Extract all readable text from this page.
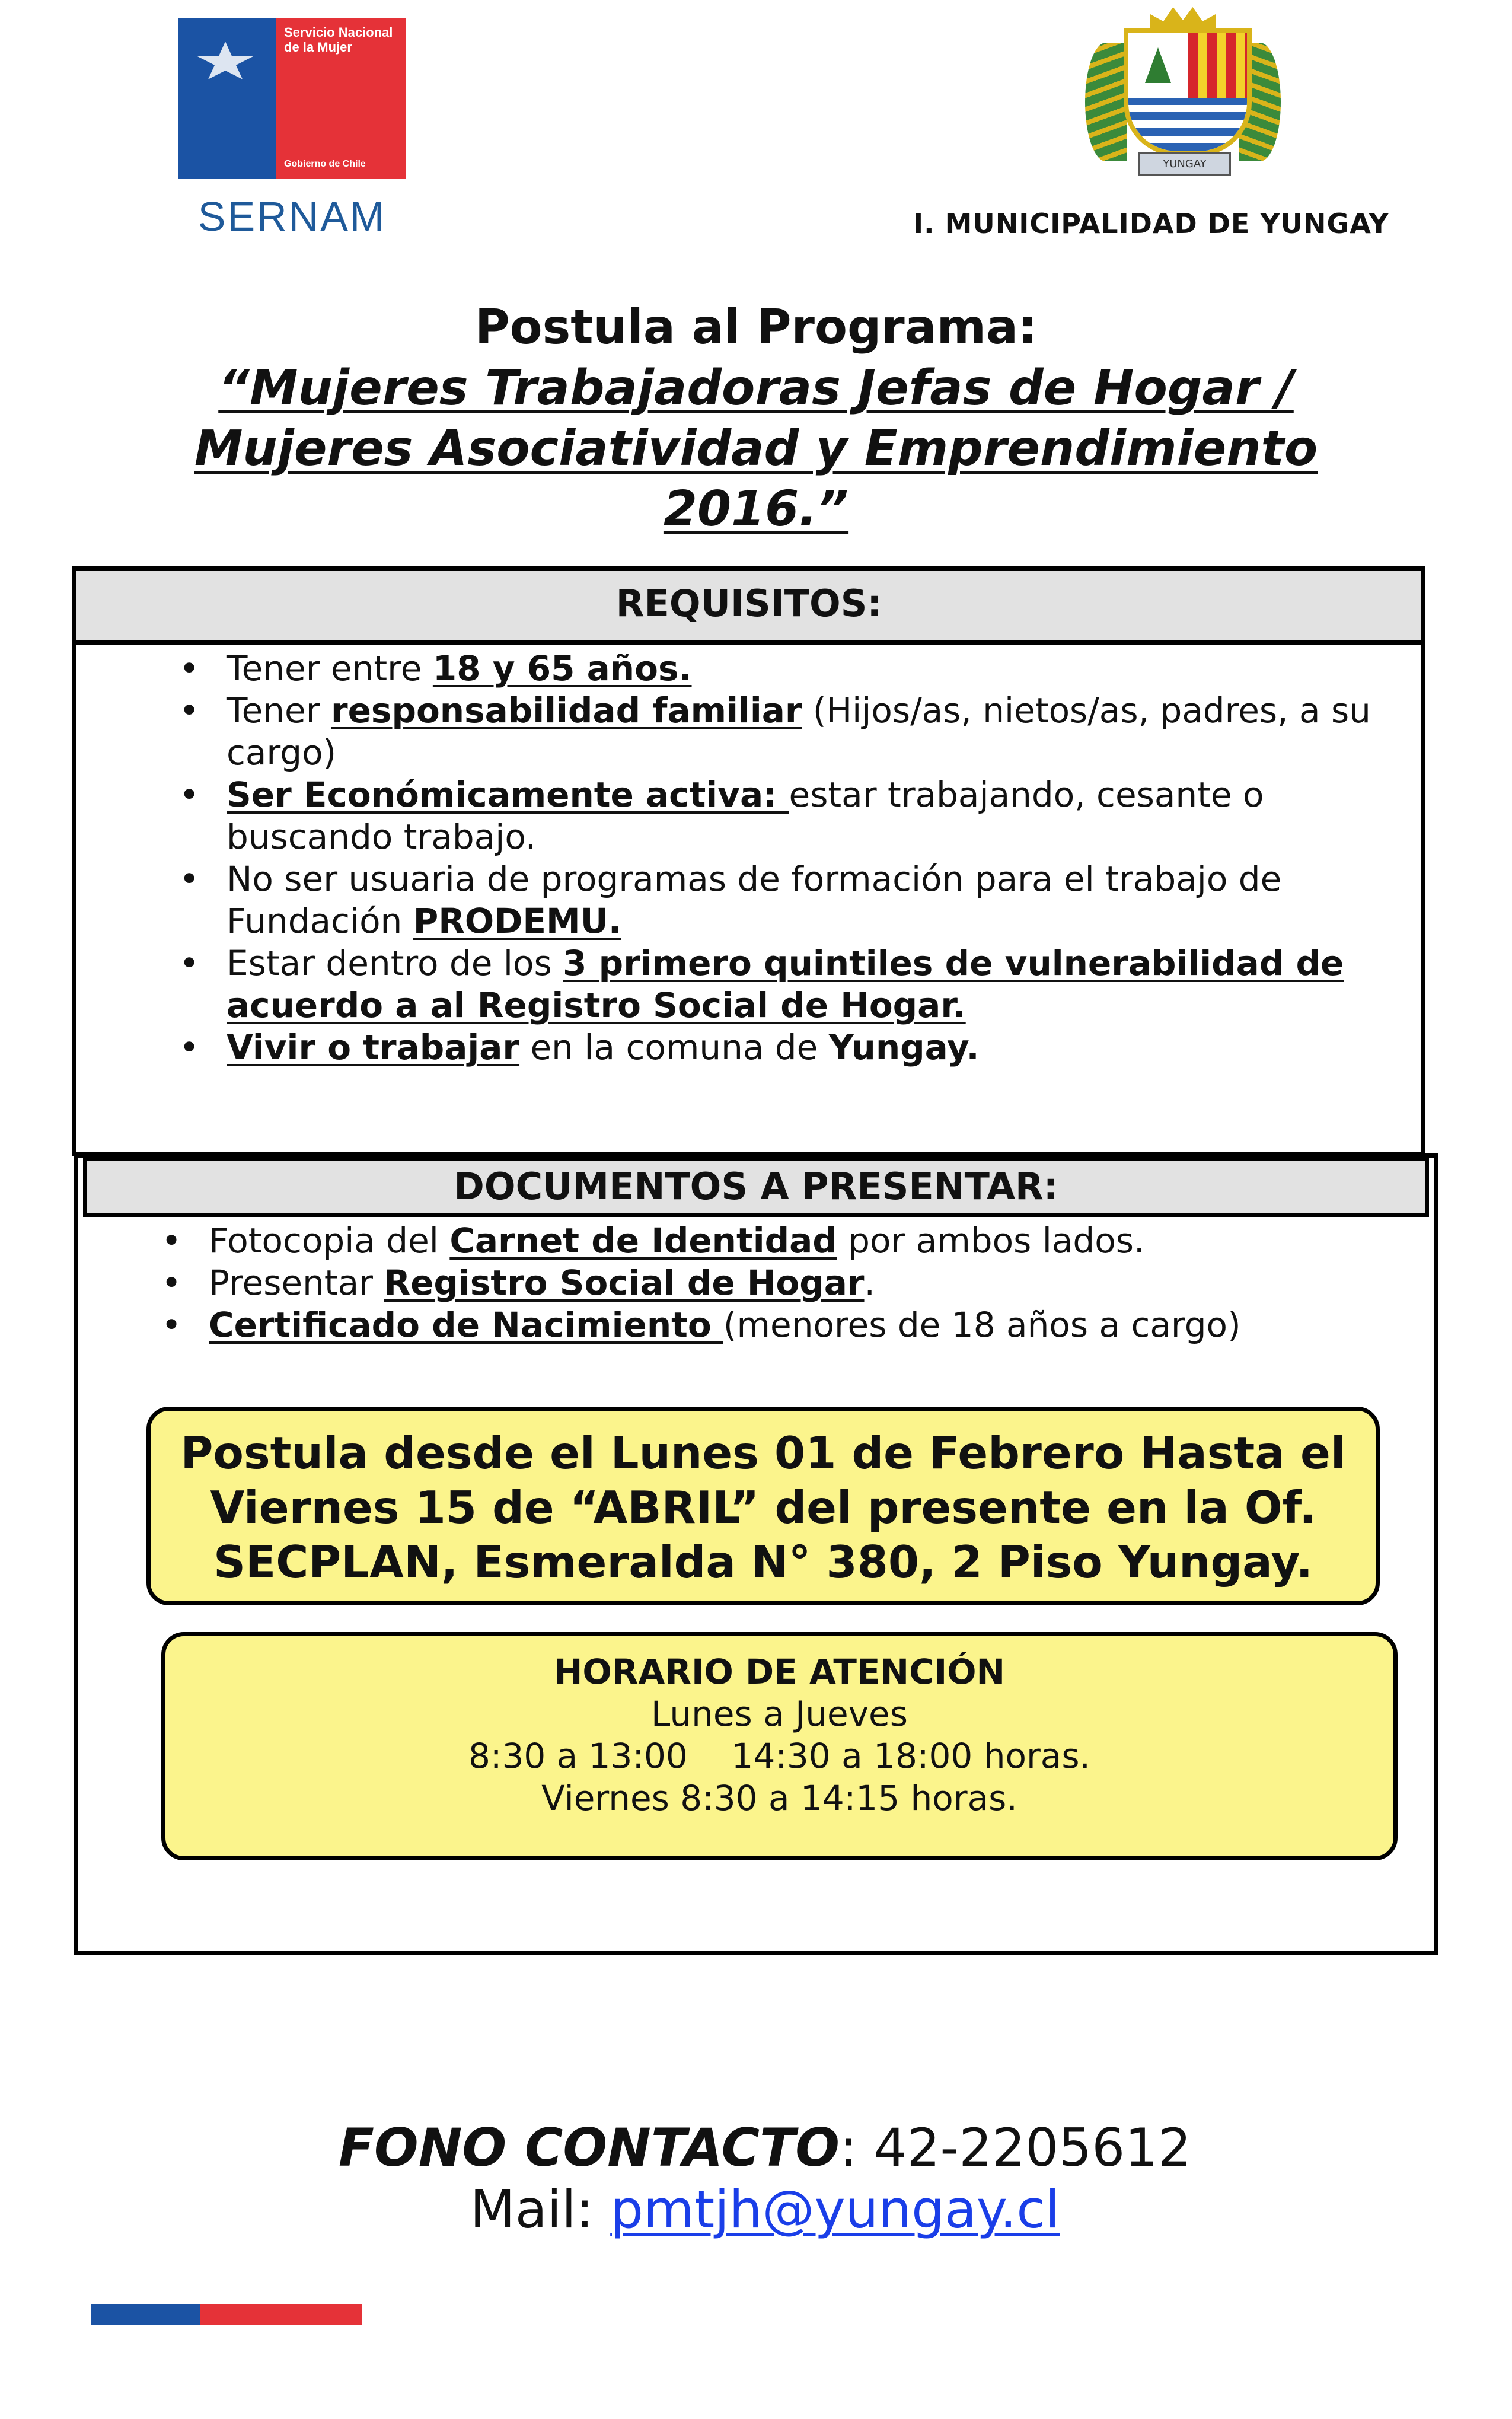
Servicio Nacional de la Mujer
Gobierno de Chile
SERNAM
YUNGAY
I. MUNICIPALIDAD DE YUNGAY
Postula al Programa:
“Mujeres Trabajadoras Jefas de Hogar /
Mujeres Asociatividad y Emprendimiento
2016.”
REQUISITOS:
• Tener entre 18 y 65 años.
• Tener responsabilidad familiar (Hijos/as, nietos/as, padres, a su cargo)
• Ser Económicamente activa: estar trabajando, cesante o buscando trabajo.
• No ser usuaria de programas de formación para el trabajo de Fundación PRODEMU.
• Estar dentro de los 3 primero quintiles de vulnerabilidad de acuerdo a al Registro Social de Hogar.
• Vivir o trabajar en la comuna de Yungay.
DOCUMENTOS A PRESENTAR:
• Fotocopia del Carnet de Identidad por ambos lados.
• Presentar Registro Social de Hogar.
• Certificado de Nacimiento (menores de 18 años a cargo)
Postula desde el Lunes 01 de Febrero Hasta el
Viernes 15 de “ABRIL” del presente en la Of.
SECPLAN, Esmeralda N° 380, 2 Piso Yungay.
HORARIO DE ATENCIÓN
Lunes a Jueves
8:30 a 13:00    14:30 a 18:00 horas.
Viernes 8:30 a 14:15 horas.
FONO CONTACTO: 42-2205612
Mail: pmtjh@yungay.cl
